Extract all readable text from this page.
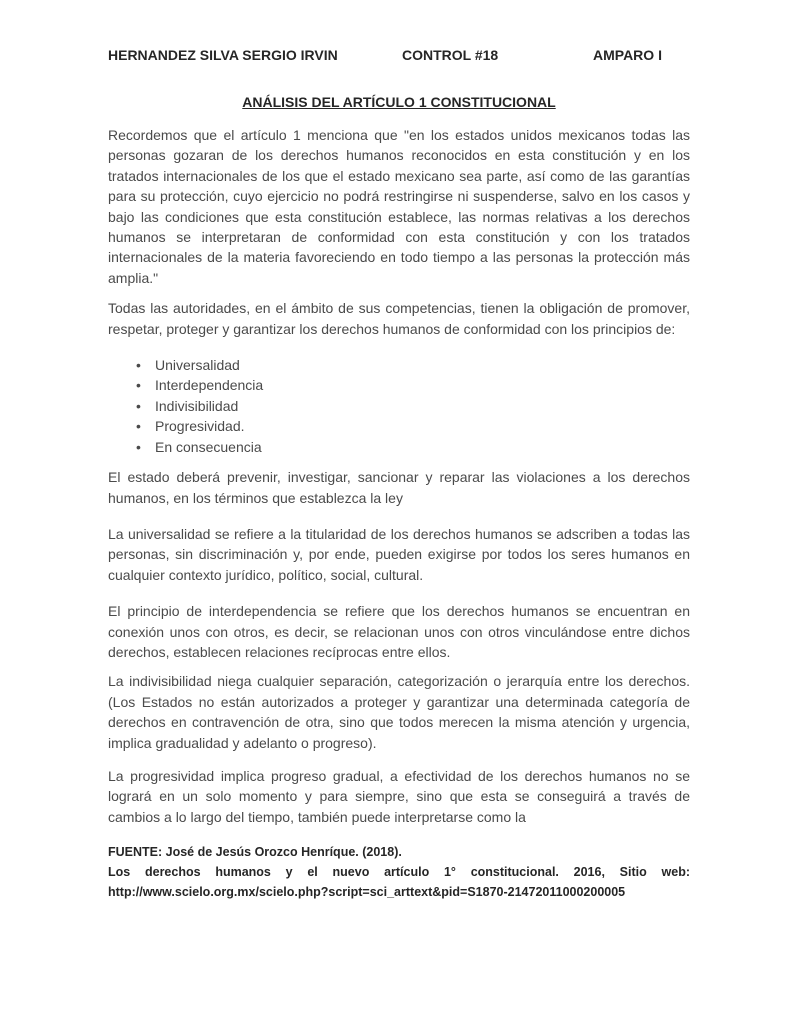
HERNANDEZ SILVA SERGIO IRVIN	CONTROL #18	AMPARO I
ANÁLISIS DEL ARTÍCULO 1 CONSTITUCIONAL

Recordemos que el artículo 1 menciona que "en los estados unidos mexicanos todas las personas gozaran de los derechos humanos reconocidos en esta constitución y en los tratados internacionales de los que el estado mexicano sea parte, así como de las garantías para su protección, cuyo ejercicio no podrá restringirse ni suspenderse, salvo en los casos y bajo las condiciones que esta constitución establece, las normas relativas a los derechos humanos se interpretaran de conformidad con esta constitución y con los tratados internacionales de la materia favoreciendo en todo tiempo a las personas la protección más amplia."

Todas las autoridades, en el ámbito de sus competencias, tienen la obligación de promover, respetar, proteger y garantizar los derechos humanos de conformidad con los principios de:

• Universalidad
• Interdependencia
• Indivisibilidad
• Progresividad.
• En consecuencia

El estado deberá prevenir, investigar, sancionar y reparar las violaciones a los derechos humanos, en los términos que establezca la ley

La universalidad se refiere a la titularidad de los derechos humanos se adscriben a todas las personas, sin discriminación y, por ende, pueden exigirse por todos los seres humanos en cualquier contexto jurídico, político, social, cultural.

El principio de interdependencia se refiere que los derechos humanos se encuentran en conexión unos con otros, es decir, se relacionan unos con otros vinculándose entre dichos derechos, establecen relaciones recíprocas entre ellos.

La indivisibilidad niega cualquier separación, categorización o jerarquía entre los derechos. (Los Estados no están autorizados a proteger y garantizar una determinada categoría de derechos en contravención de otra, sino que todos merecen la misma atención y urgencia, implica gradualidad y adelanto o progreso).

La progresividad implica progreso gradual, a efectividad de los derechos humanos no se logrará en un solo momento y para siempre, sino que esta se conseguirá a través de cambios a lo largo del tiempo, también puede interpretarse como la

FUENTE: José de Jesús Orozco Henríque. (2018).

Los derechos humanos y el nuevo artículo 1° constitucional. 2016, Sitio web:

http://www.scielo.org.mx/scielo.php?script=sci_arttext&pid=S1870-21472011000200005
